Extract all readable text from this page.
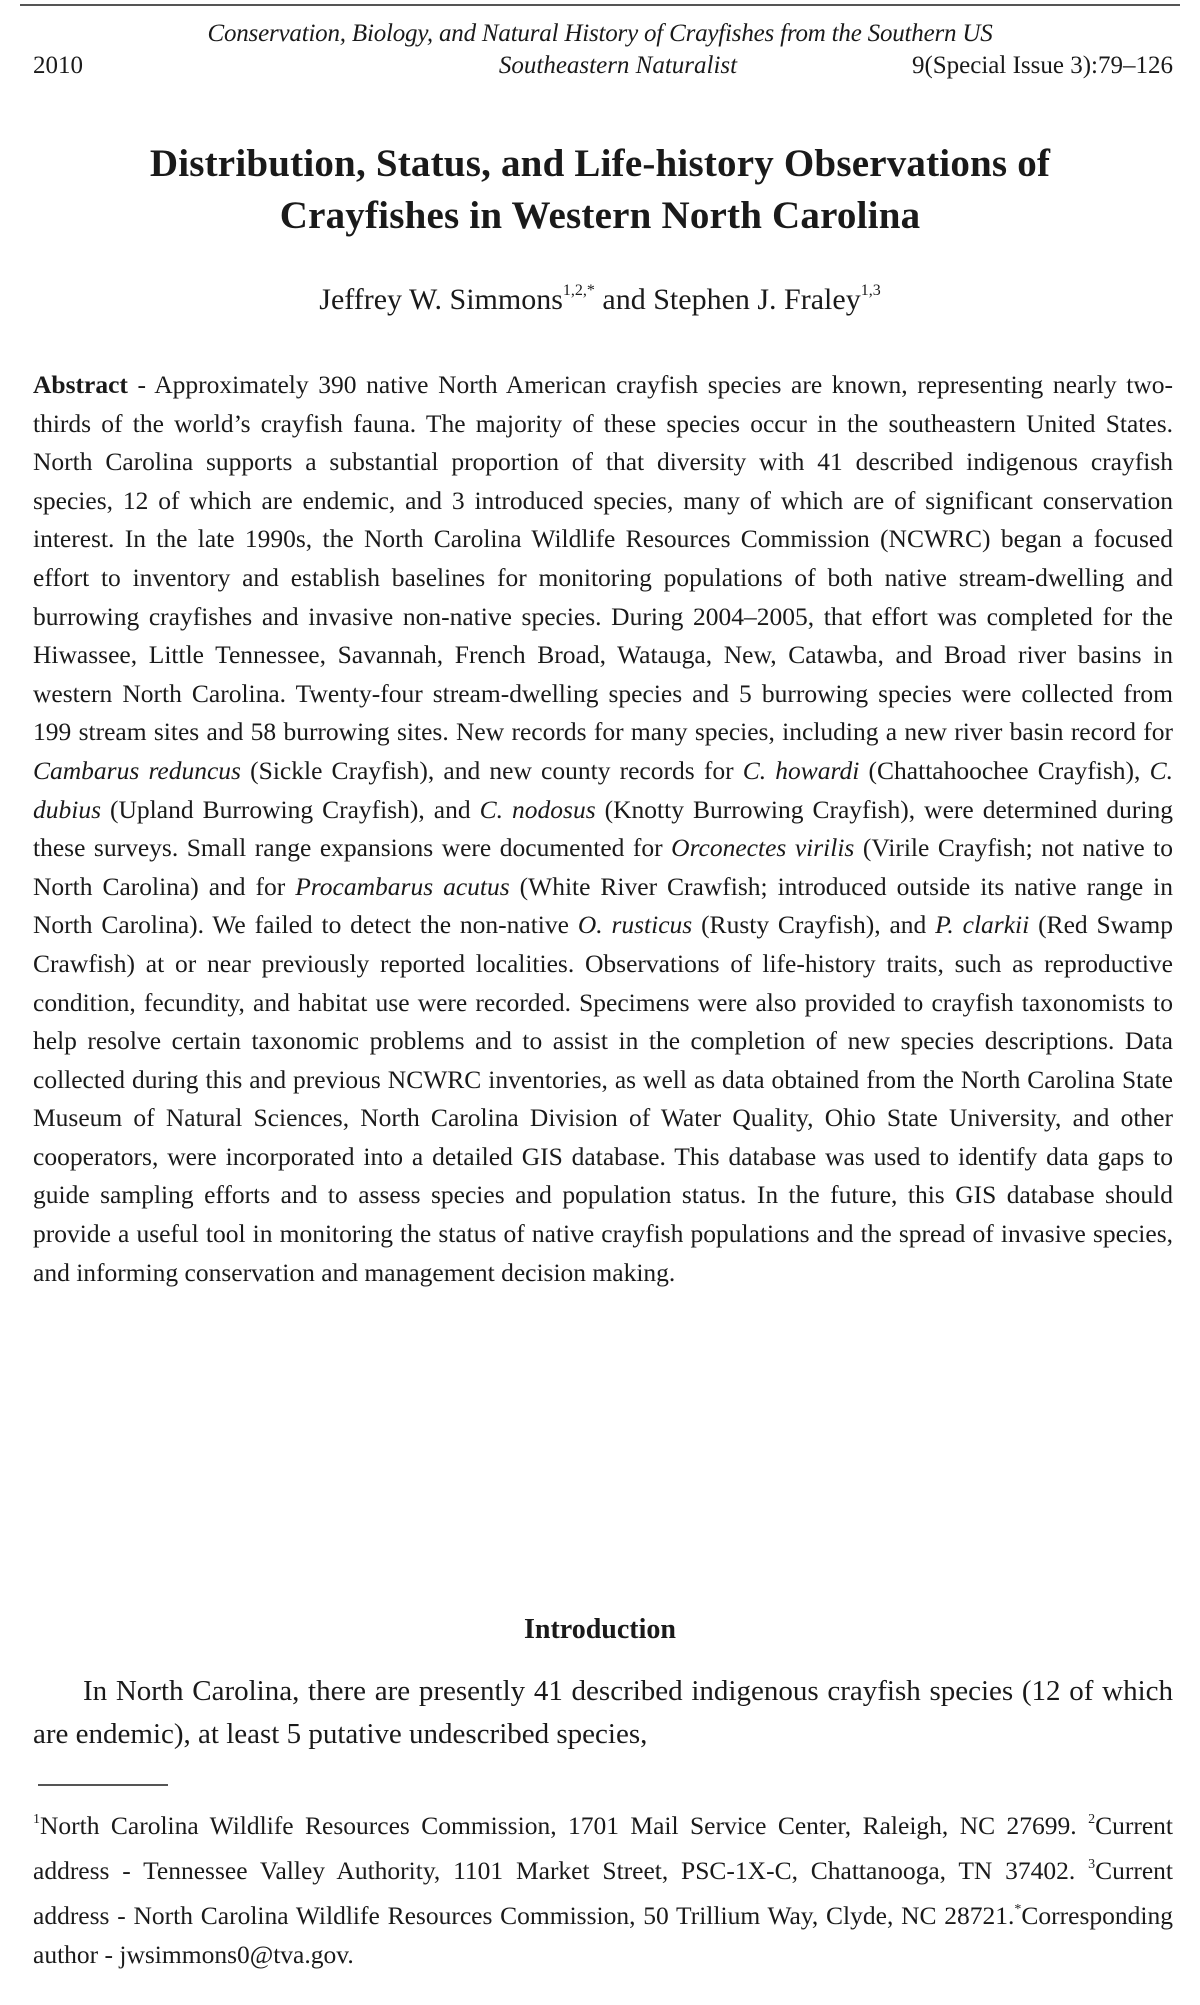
Conservation, Biology, and Natural History of Crayfishes from the Southern US
2010	Southeastern Naturalist	9(Special Issue 3):79–126
Distribution, Status, and Life-history Observations of
Crayfishes in Western North Carolina
Jeffrey W. Simmons$^{1,2,*}$ and Stephen J. Fraley$^{1,3}$
Abstract - Approximately 390 native North American crayfish species are known, representing nearly two-thirds of the world’s crayfish fauna. The majority of these species occur in the southeastern United States. North Carolina supports a substantial proportion of that diversity with 41 described indigenous crayfish species, 12 of which are endemic, and 3 introduced species, many of which are of significant conservation interest. In the late 1990s, the North Carolina Wildlife Resources Commission (NCWRC) began a focused effort to inventory and establish baselines for monitoring populations of both native stream-dwelling and burrowing crayfishes and invasive non-native species. During 2004–2005, that effort was completed for the Hiwassee, Little Tennessee, Savannah, French Broad, Watauga, New, Catawba, and Broad river basins in western North Carolina. Twenty-four stream-dwelling species and 5 burrowing species were collected from 199 stream sites and 58 burrowing sites. New records for many species, including a new river basin record for Cambarus reduncus (Sickle Crayfish), and new county records for C. howardi (Chattahoochee Crayfish), C. dubius (Upland Burrowing Crayfish), and C. nodosus (Knotty Burrowing Crayfish), were determined during these surveys. Small range expansions were documented for Orconectes virilis (Virile Crayfish; not native to North Carolina) and for Procambarus acutus (White River Crawfish; introduced outside its native range in North Carolina). We failed to detect the non-native O. rusticus (Rusty Crayfish), and P. clarkii (Red Swamp Crawfish) at or near previously reported localities. Observations of life-history traits, such as reproductive condition, fecundity, and habitat use were recorded. Specimens were also provided to crayfish taxonomists to help resolve certain taxonomic problems and to assist in the completion of new species descriptions. Data collected during this and previous NCWRC inventories, as well as data obtained from the North Carolina State Museum of Natural Sciences, North Carolina Division of Water Quality, Ohio State University, and other cooperators, were incorporated into a detailed GIS database. This database was used to identify data gaps to guide sampling efforts and to assess species and population status. In the future, this GIS database should provide a useful tool in monitoring the status of native crayfish populations and the spread of invasive species, and informing conservation and management decision making.
Introduction
In North Carolina, there are presently 41 described indigenous crayfish species (12 of which are endemic), at least 5 putative undescribed species,
$^1$North Carolina Wildlife Resources Commission, 1701 Mail Service Center, Raleigh, NC 27699. $^2$Current address - Tennessee Valley Authority, 1101 Market Street, PSC-1X-C, Chattanooga, TN 37402. $^3$Current address - North Carolina Wildlife Resources Commission, 50 Trillium Way, Clyde, NC 28721.*Corresponding author - jwsimmons0@tva.gov.
